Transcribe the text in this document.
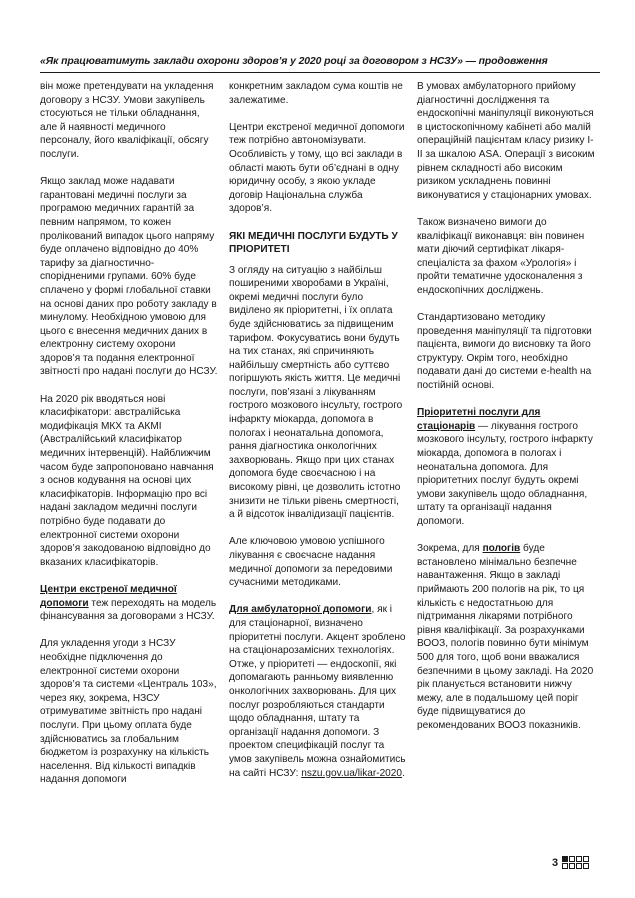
«Як працюватимуть заклади охорони здоров’я у 2020 році за договором з НСЗУ» — продовження

він може претендувати на укладення договору з НСЗУ. Умови закупівель стосуються не тільки обладнання, але й наявності медичного персоналу, його кваліфікації, обсягу послуги.

Якщо заклад може надавати гарантовані медичні послуги за програмою медичних гарантій за певним напрямом, то кожен пролікований випадок цього напряму буде оплачено відповідно до 40% тарифу за діагностично-спорідненими групами. 60% буде сплачено у формі глобальної ставки на основі даних про роботу закладу в минулому. Необхідною умовою для цього є внесення медичних даних в електронну систему охорони здоров’я та подання електронної звітності про надані послуги до НСЗУ.

На 2020 рік вводяться нові класифікатори: австралійська модифікація МКХ та АКМІ (Австралійський класифікатор медичних інтервенцій). Найближчим часом буде запропоновано навчання з основ кодування на основі цих класифікаторів. Інформацію про всі надані закладом медичні послуги потрібно буде подавати до електронної системи охорони здоров’я закодованою відповідно до вказаних класифікаторів.

Центри екстреної медичної допомоги теж переходять на модель фінансування за договорами з НСЗУ.

Для укладення угоди з НСЗУ необхідне підключення до електронної системи охорони здоров’я та системи «Централь 103», через яку, зокрема, НЗСУ отримуватиме звітність про надані послуги. При цьому оплата буде здійснюватись за глобальним бюджетом із розрахунку на кількість населення. Від кількості випадків надання допомоги

конкретним закладом сума коштів не залежатиме.

Центри екстреної медичної допомоги теж потрібно автономізувати. Особливість у тому, що всі заклади в області мають бути об’єднані в одну юридичну особу, з якою укладе договір Національна служба здоров’я.

ЯКІ МЕДИЧНІ ПОСЛУГИ БУДУТЬ У ПРІОРИТЕТІ

З огляду на ситуацію з найбільш поширеними хворобами в Україні, окремі медичні послуги було виділено як пріоритетні, і їх оплата буде здійснюватись за підвищеним тарифом. Фокусуватись вони будуть на тих станах, які спричиняють найбільшу смертність або суттєво погіршують якість життя. Це медичні послуги, пов’язані з лікуванням гострого мозкового інсульту, гострого інфаркту міокарда, допомога в пологах і неонатальна допомога, рання діагностика онкологічних захворювань. Якщо при цих станах допомога буде своєчасною і на високому рівні, це дозволить істотно знизити не тільки рівень смертності, а й відсоток інвалідизації пацієнтів.

Але ключовою умовою успішного лікування є своєчасне надання медичної допомоги за передовими сучасними методиками.

Для амбулаторної допомоги, як і для стаціонарної, визначено пріоритетні послуги. Акцент зроблено на стаціонарозамісних технологіях. Отже, у пріоритеті — ендоскопії, які допомагають ранньому виявленню онкологічних захворювань. Для цих послуг розробляються стандарти щодо обладнання, штату та організації надання допомоги. З проектом специфікацій послуг та умов закупівель можна ознайомитись на сайті НСЗУ: nszu.gov.ua/likar-2020.

В умовах амбулаторного прийому діагностичні дослідження та ендоскопічні маніпуляції виконуються в цистоскопічному кабінеті або малій операційній пацієнтам класу ризику I-II за шкалою ASA. Операції з високим рівнем складності або високим ризиком ускладнень повинні виконуватися у стаціонарних умовах.

Також визначено вимоги до кваліфікації виконавця: він повинен мати діючий сертифікат лікаря-спеціаліста за фахом «Урологія» і пройти тематичне удосконалення з ендоскопічних досліджень.

Стандартизовано методику проведення маніпуляції та підготовки пацієнта, вимоги до висновку та його структуру. Окрім того, необхідно подавати дані до системи e-health на постійній основі.

Пріоритетні послуги для стаціонарів — лікування гострого мозкового інсульту, гострого інфаркту міокарда, допомога в пологах і неонатальна допомога. Для пріоритетних послуг будуть окремі умови закупівель щодо обладнання, штату та організації надання допомоги.

Зокрема, для пологів буде встановлено мінімально безпечне навантаження. Якщо в закладі приймають 200 пологів на рік, то ця кількість є недостатньою для підтримання лікарями потрібного рівня кваліфікації. За розрахунками ВООЗ, пологів повинно бути мінімум 500 для того, щоб вони вважалися безпечними в цьому закладі. На 2020 рік планується встановити нижчу межу, але в подальшому цей поріг буде підвищуватися до рекомендованих ВООЗ показників.

3
